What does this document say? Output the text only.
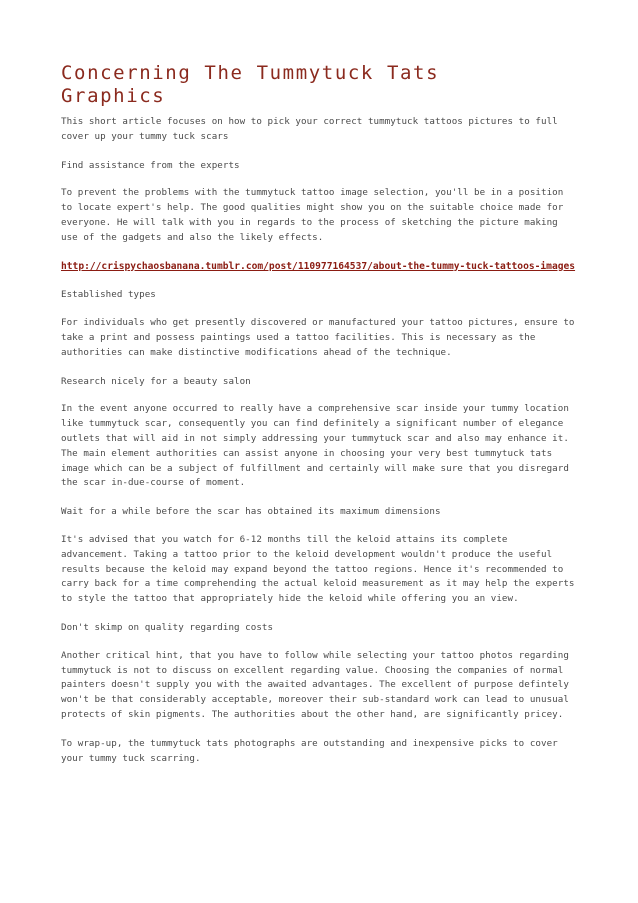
Concerning The Tummytuck Tats Graphics

This short article focuses on how to pick your correct tummytuck tattoos pictures to full cover up your tummy tuck scars

Find assistance from the experts

To prevent the problems with the tummytuck tattoo image selection, you'll be in a position to locate expert's help. The good qualities might show you on the suitable choice made for everyone. He will talk with you in regards to the process of sketching the picture making use of the gadgets and also the likely effects.

http://crispychaosbanana.tumblr.com/post/110977164537/about-the-tummy-tuck-tattoos-images

Established types

For individuals who get presently discovered or manufactured your tattoo pictures, ensure to take a print and possess paintings used a tattoo facilities. This is necessary as the authorities can make distinctive modifications ahead of the technique.

Research nicely for a beauty salon

In the event anyone occurred to really have a comprehensive scar inside your tummy location like tummytuck scar, consequently you can find definitely a significant number of elegance outlets that will aid in not simply addressing your tummytuck scar and also may enhance it. The main element authorities can assist anyone in choosing your very best tummytuck tats image which can be a subject of fulfillment and certainly will make sure that you disregard the scar in-due-course of moment.

Wait for a while before the scar has obtained its maximum dimensions

It's advised that you watch for 6-12 months till the keloid attains its complete advancement. Taking a tattoo prior to the keloid development wouldn't produce the useful results because the keloid may expand beyond the tattoo regions. Hence it's recommended to carry back for a time comprehending the actual keloid measurement as it may help the experts to style the tattoo that appropriately hide the keloid while offering you an view.

Don't skimp on quality regarding costs

Another critical hint, that you have to follow while selecting your tattoo photos regarding tummytuck is not to discuss on excellent regarding value. Choosing the companies of normal painters doesn't supply you with the awaited advantages. The excellent of purpose defintely won't be that considerably acceptable, moreover their sub-standard work can lead to unusual protects of skin pigments. The authorities about the other hand, are significantly pricey.

To wrap-up, the tummytuck tats photographs are outstanding and inexpensive picks to cover your tummy tuck scarring.
